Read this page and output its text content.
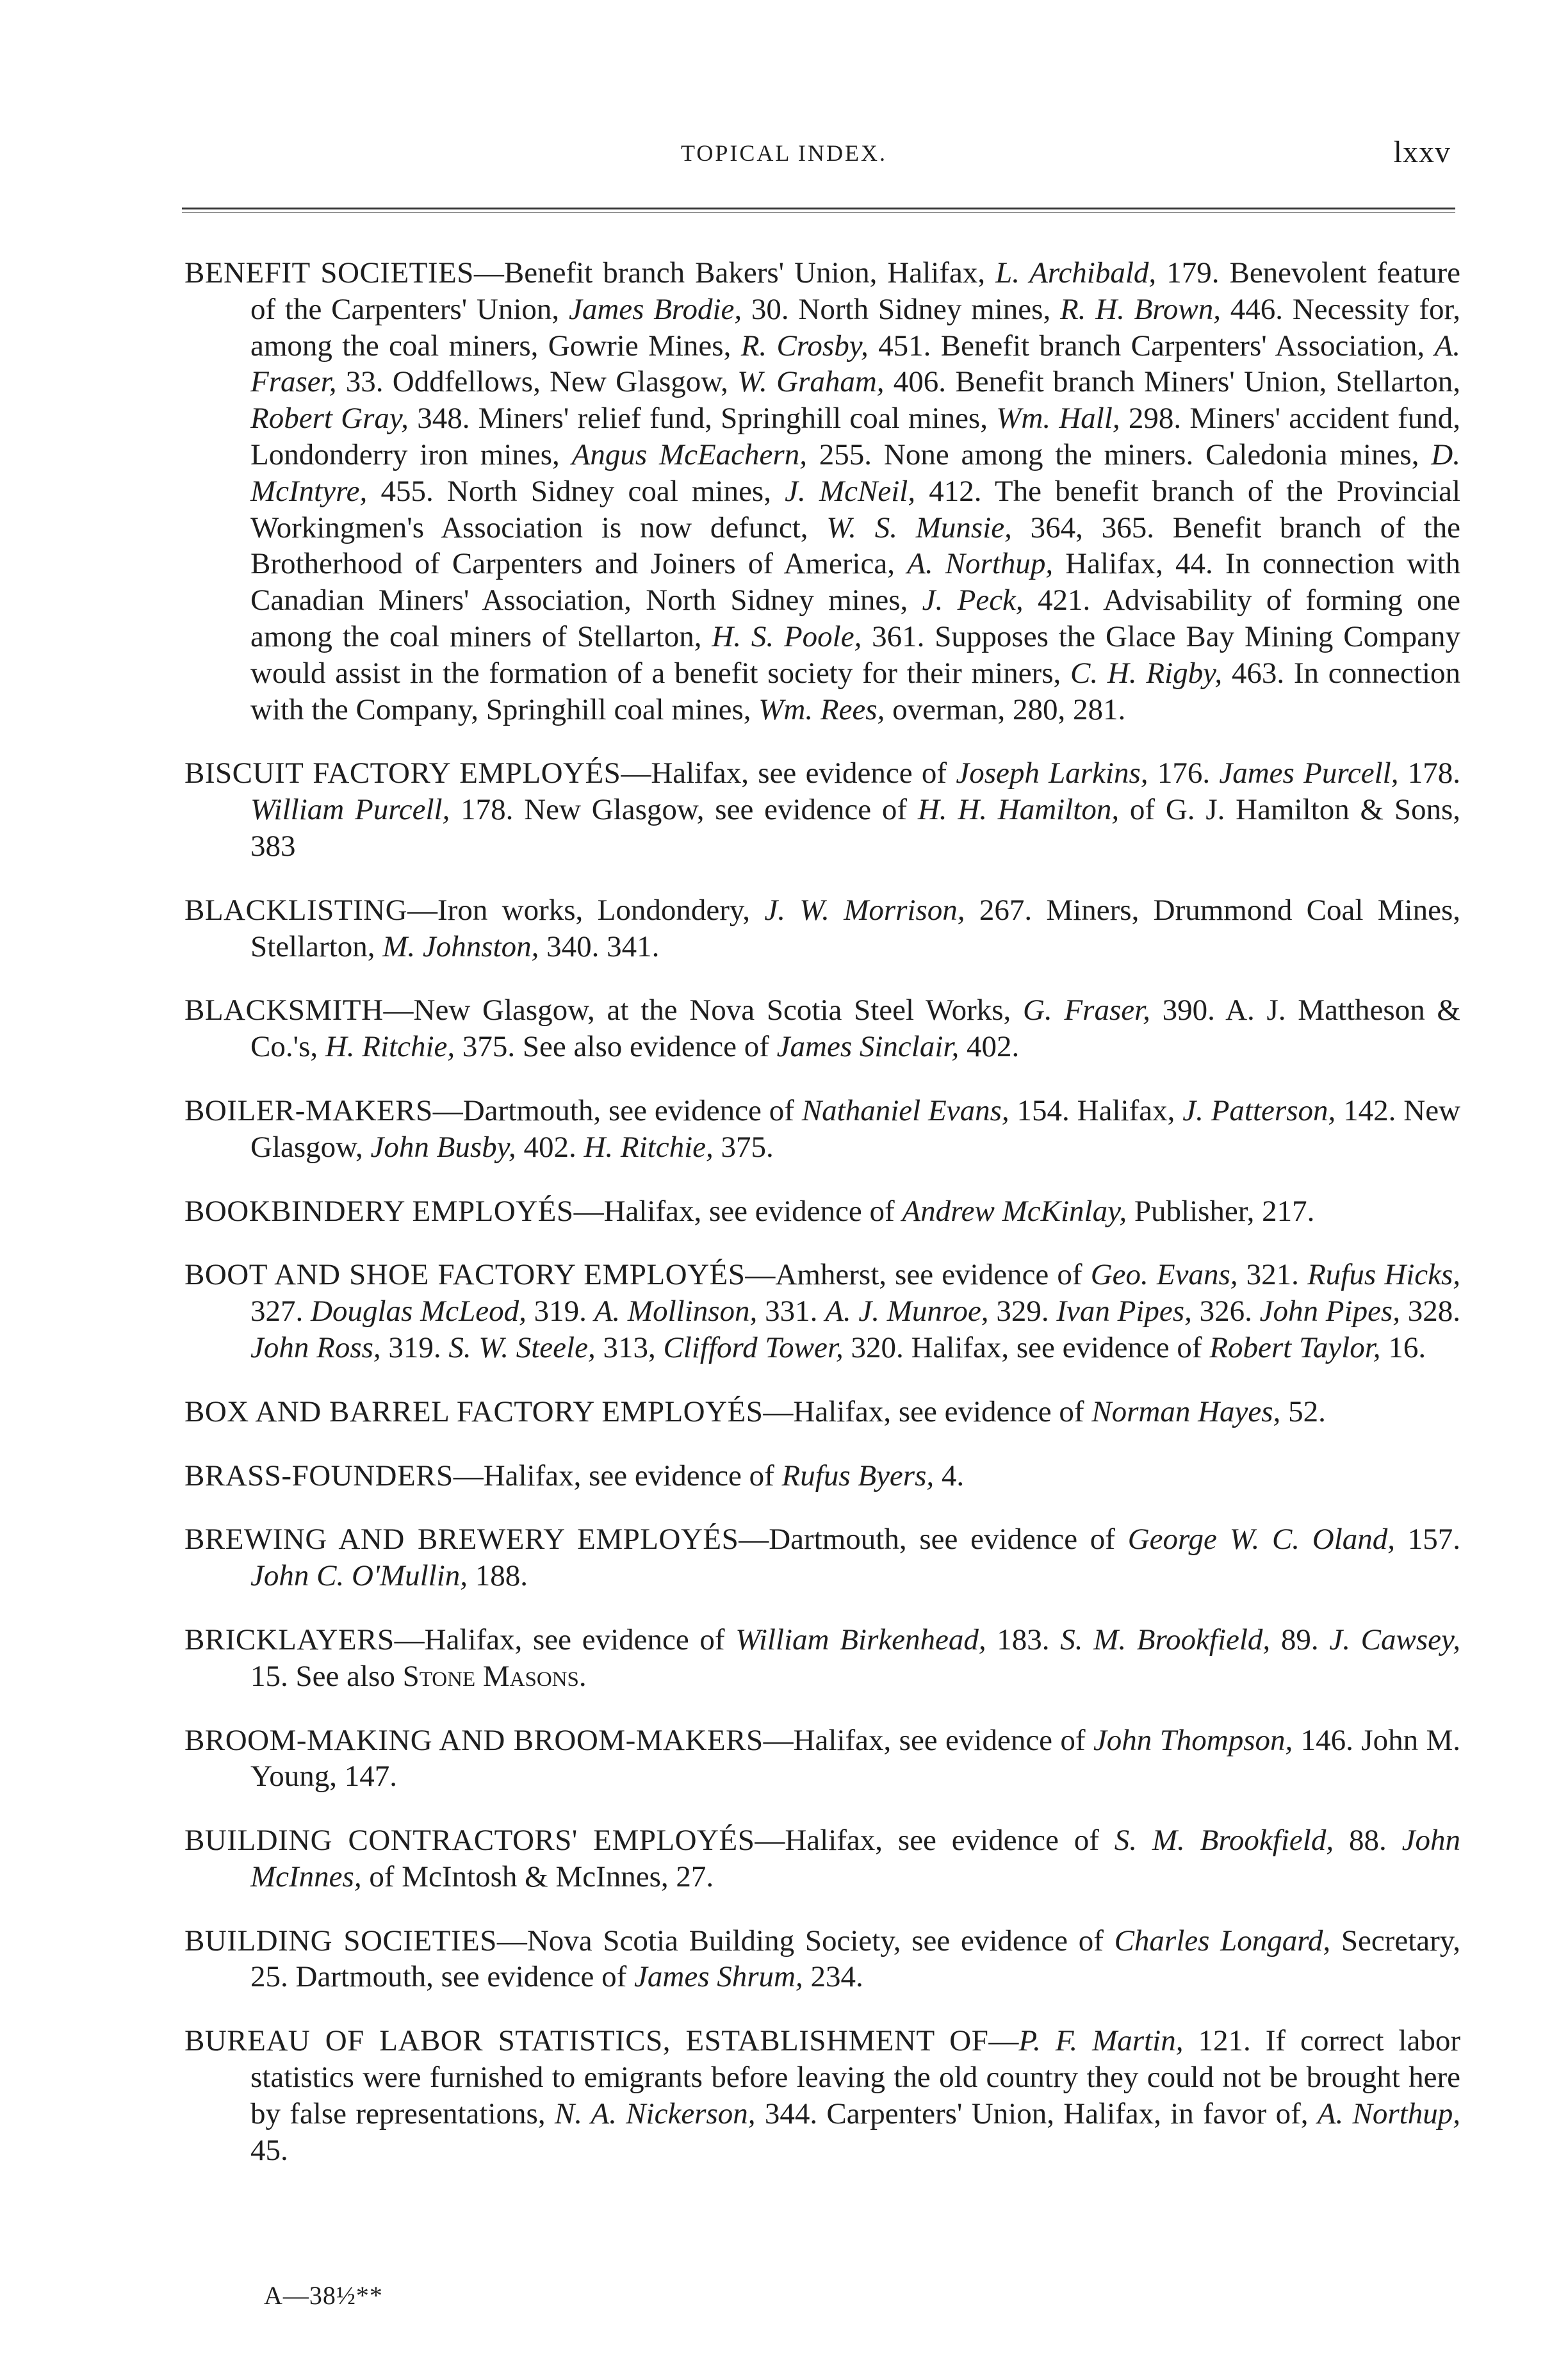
TOPICAL INDEX.	lxxv

BENEFIT SOCIETIES—Benefit branch Bakers' Union, Halifax, L. Archibald, 179. Benevolent feature of the Carpenters' Union, James Brodie, 30. North Sidney mines, R. H. Brown, 446. Necessity for, among the coal miners, Gowrie Mines, R. Crosby, 451. Benefit branch Carpenters' Association, A. Fraser, 33. Oddfellows, New Glasgow, W. Graham, 406. Benefit branch Miners' Union, Stellarton, Robert Gray, 348. Miners' relief fund, Springhill coal mines, Wm. Hall, 298. Miners' accident fund, Londonderry iron mines, Angus McEachern, 255. None among the miners. Caledonia mines, D. McIntyre, 455. North Sidney coal mines, J. McNeil, 412. The benefit branch of the Provincial Workingmen's Association is now defunct, W. S. Munsie, 364, 365. Benefit branch of the Brotherhood of Carpenters and Joiners of America, A. Northup, Halifax, 44. In connection with Canadian Miners' Association, North Sidney mines, J. Peck, 421. Advisability of forming one among the coal miners of Stellarton, H. S. Poole, 361. Supposes the Glace Bay Mining Company would assist in the formation of a benefit society for their miners, C. H. Rigby, 463. In connection with the Company, Springhill coal mines, Wm. Rees, overman, 280, 281.

BISCUIT FACTORY EMPLOYÉS—Halifax, see evidence of Joseph Larkins, 176. James Purcell, 178. William Purcell, 178. New Glasgow, see evidence of H. H. Hamilton, of G. J. Hamilton & Sons, 383

BLACKLISTING—Iron works, Londondery, J. W. Morrison, 267. Miners, Drummond Coal Mines, Stellarton, M. Johnston, 340. 341.

BLACKSMITH—New Glasgow, at the Nova Scotia Steel Works, G. Fraser, 390. A. J. Mattheson & Co.'s, H. Ritchie, 375. See also evidence of James Sinclair, 402.

BOILER-MAKERS—Dartmouth, see evidence of Nathaniel Evans, 154. Halifax, J. Patterson, 142. New Glasgow, John Busby, 402. H. Ritchie, 375.

BOOKBINDERY EMPLOYÉS—Halifax, see evidence of Andrew McKinlay, Publisher, 217.

BOOT AND SHOE FACTORY EMPLOYÉS—Amherst, see evidence of Geo. Evans, 321. Rufus Hicks, 327. Douglas McLeod, 319. A. Mollinson, 331. A. J. Munroe, 329. Ivan Pipes, 326. John Pipes, 328. John Ross, 319. S. W. Steele, 313, Clifford Tower, 320. Halifax, see evidence of Robert Taylor, 16.

BOX AND BARREL FACTORY EMPLOYÉS—Halifax, see evidence of Norman Hayes, 52.

BRASS-FOUNDERS—Halifax, see evidence of Rufus Byers, 4.

BREWING AND BREWERY EMPLOYÉS—Dartmouth, see evidence of George W. C. Oland, 157. John C. O'Mullin, 188.

BRICKLAYERS—Halifax, see evidence of William Birkenhead, 183. S. M. Brookfield, 89. J. Cawsey, 15. See also Stone Masons.

BROOM-MAKING AND BROOM-MAKERS—Halifax, see evidence of John Thompson, 146. John M. Young, 147.

BUILDING CONTRACTORS' EMPLOYÉS—Halifax, see evidence of S. M. Brookfield, 88. John McInnes, of McIntosh & McInnes, 27.

BUILDING SOCIETIES—Nova Scotia Building Society, see evidence of Charles Longard, Secretary, 25. Dartmouth, see evidence of James Shrum, 234.

BUREAU OF LABOR STATISTICS, ESTABLISHMENT OF—P. F. Martin, 121. If correct labor statistics were furnished to emigrants before leaving the old country they could not be brought here by false representations, N. A. Nickerson, 344. Carpenters' Union, Halifax, in favor of, A. Northup, 45.

A—38½**
